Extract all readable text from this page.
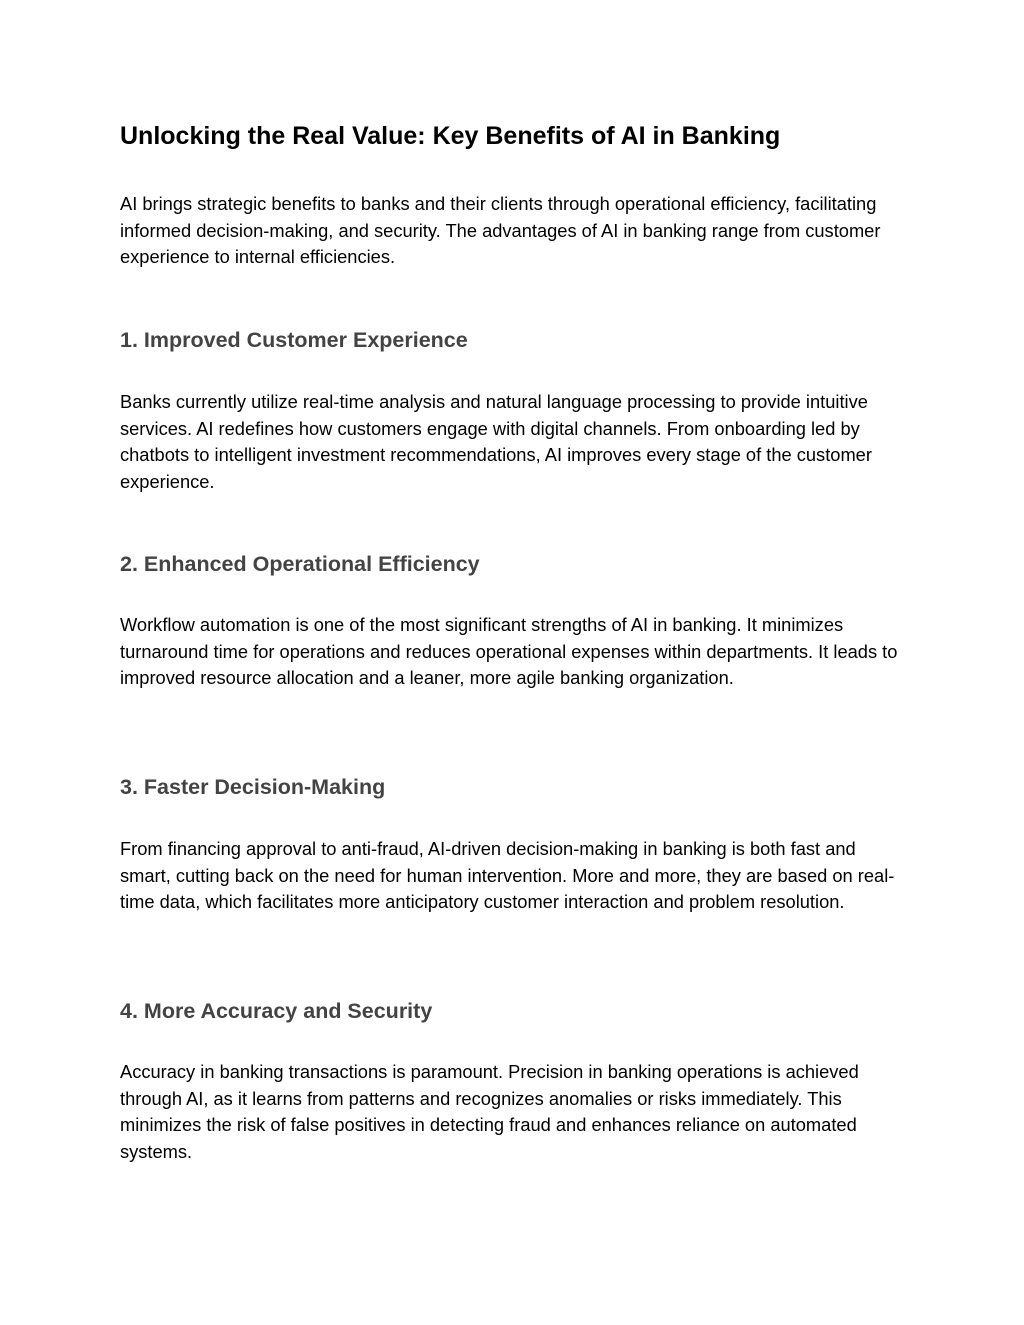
Unlocking the Real Value: Key Benefits of AI in Banking

AI brings strategic benefits to banks and their clients through operational efficiency, facilitating informed decision-making, and security. The advantages of AI in banking range from customer experience to internal efficiencies.

1. Improved Customer Experience

Banks currently utilize real-time analysis and natural language processing to provide intuitive services. AI redefines how customers engage with digital channels. From onboarding led by chatbots to intelligent investment recommendations, AI improves every stage of the customer experience.

2. Enhanced Operational Efficiency

Workflow automation is one of the most significant strengths of AI in banking. It minimizes turnaround time for operations and reduces operational expenses within departments. It leads to improved resource allocation and a leaner, more agile banking organization.

3. Faster Decision-Making

From financing approval to anti-fraud, AI-driven decision-making in banking is both fast and smart, cutting back on the need for human intervention. More and more, they are based on real-time data, which facilitates more anticipatory customer interaction and problem resolution.

4. More Accuracy and Security

Accuracy in banking transactions is paramount. Precision in banking operations is achieved through AI, as it learns from patterns and recognizes anomalies or risks immediately. This minimizes the risk of false positives in detecting fraud and enhances reliance on automated systems.
